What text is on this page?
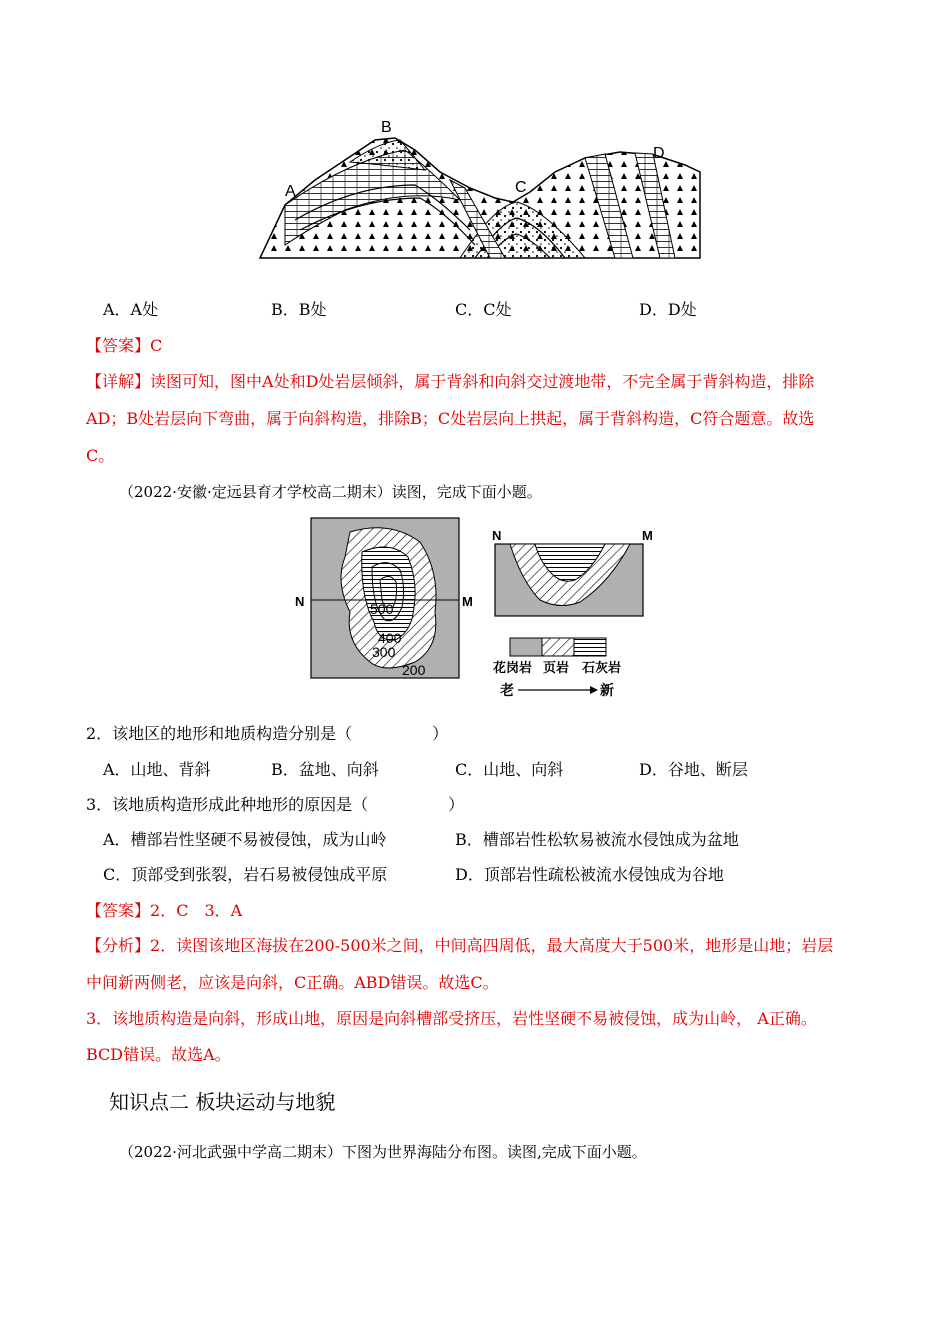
A
B
C
D
A．A处	B．B处	C．C处	D．D处
【答案】C
【详解】读图可知，图中A处和D处岩层倾斜，属于背斜和向斜交过渡地带，不完全属于背斜构造，排除
AD；B处岩层向下弯曲，属于向斜构造，排除B；C处岩层向上拱起，属于背斜构造，C符合题意。故选
C。
（2022·安徽·定远县育才学校高二期末）读图，完成下面小题。
N	M
500
400
300
200
N	M
花岗岩 页岩 石灰岩
老	新
2．该地区的地形和地质构造分别是（　　　　　）
A．山地、背斜	B．盆地、向斜	C．山地、向斜	D．谷地、断层
3．该地质构造形成此种地形的原因是（　　　　　）
A．槽部岩性坚硬不易被侵蚀，成为山岭	B．槽部岩性松软易被流水侵蚀成为盆地
C．顶部受到张裂，岩石易被侵蚀成平原	D．顶部岩性疏松被流水侵蚀成为谷地
【答案】2．C　3．A
【分析】2．读图该地区海拔在200-500米之间，中间高四周低，最大高度大于500米，地形是山地；岩层
中间新两侧老，应该是向斜，C正确。ABD错误。故选C。
3．该地质构造是向斜，形成山地，原因是向斜槽部受挤压，岩性坚硬不易被侵蚀，成为山岭， A正确。
BCD错误。故选A。
知识点二 板块运动与地貌
（2022·河北武强中学高二期末）下图为世界海陆分布图。读图,完成下面小题。
